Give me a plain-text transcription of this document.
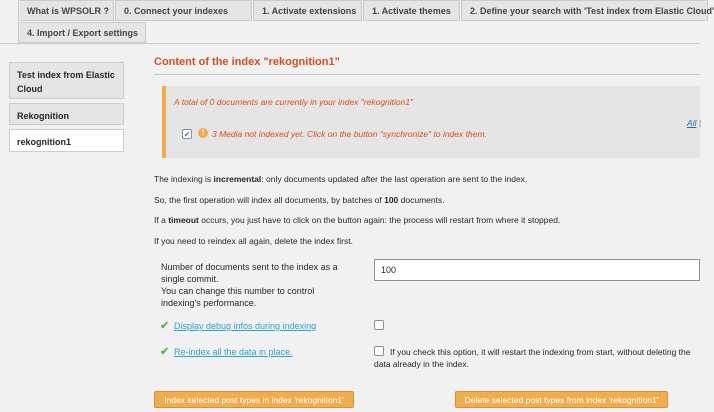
What is WPSOLR ?	0. Connect your indexes	1. Activate extensions	1. Activate themes	2. Define your search with 'Test index from Elastic Cloud'
4. Import / Export settings
Test index from Elastic Cloud
Rekognition
rekognition1
Content of the index "rekognition1"
A total of 0 documents are currently in your index "rekognition1"
All |
✓	! 3 Media not indexed yet. Click on the button "synchronize" to index them.
The indexing is incremental: only documents updated after the last operation are sent to the index.
So, the first operation will index all documents, by batches of 100 documents.
If a timeout occurs, you just have to click on the button again: the process will restart from where it stopped.
If you need to reindex all again, delete the index first.
Number of documents sent to the index as a single commit.
You can change this number to control indexing's performance.
100
✔ Display debug infos during indexing
✔ Re-index all the data in place.	If you check this option, it will restart the indexing from start, without deleting the data already in the index.
Index selected post types in index 'rekognition1'	Delete selected post types from index 'rekognition1'
